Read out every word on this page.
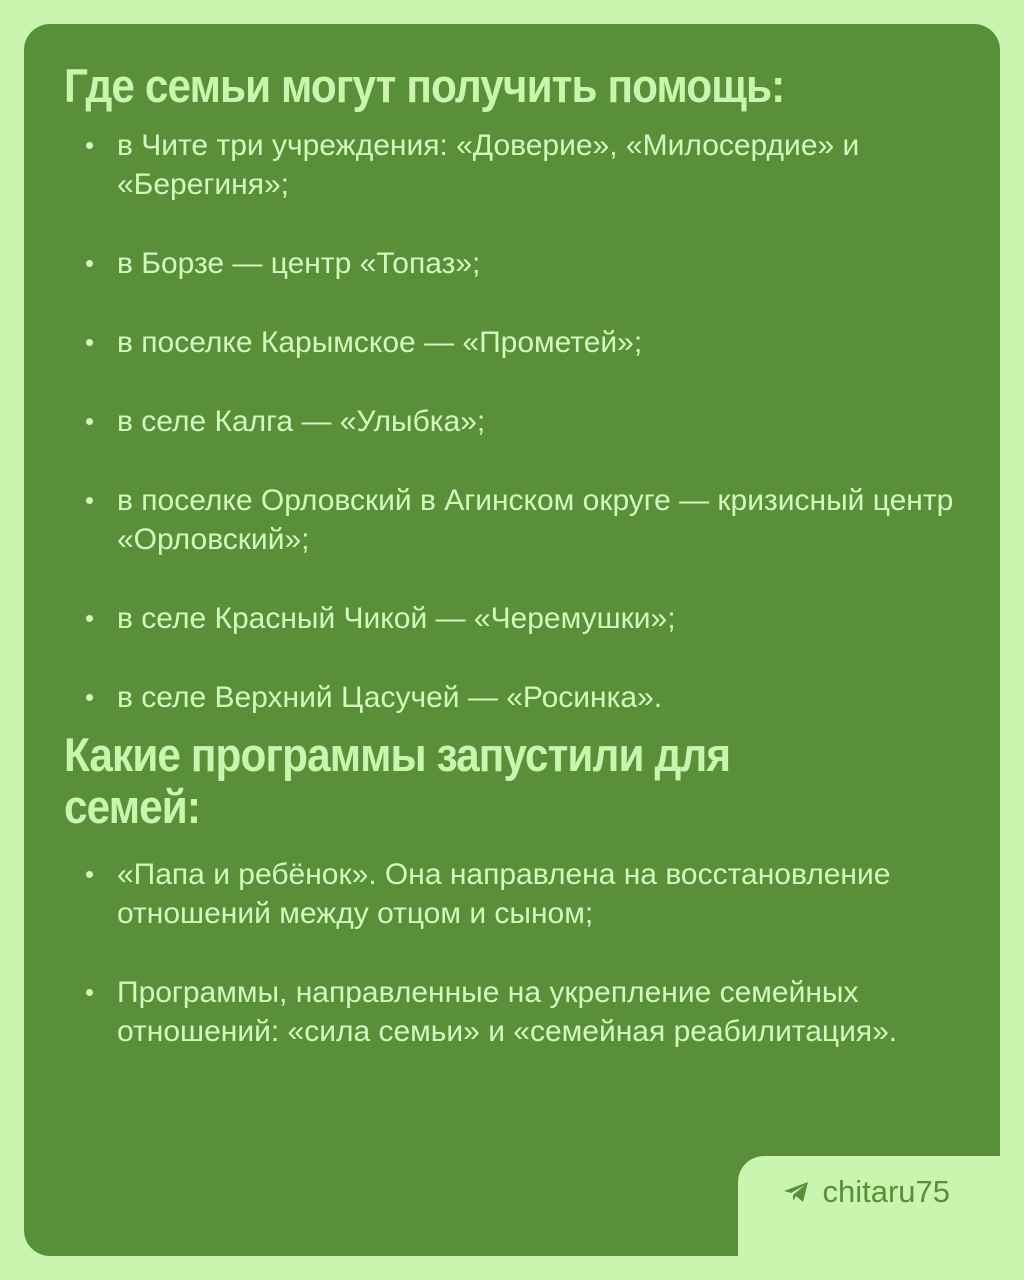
Где семьи могут получить помощь:
в Чите три учреждения: «Доверие», «Милосердие» и «Берегиня»;
в Борзе — центр «Топаз»;
в поселке Карымское — «Прометей»;
в селе Калга — «Улыбка»;
в поселке Орловский в Агинском округе — кризисный центр «Орловский»;
в селе Красный Чикой — «Черемушки»;
в селе Верхний Цасучей — «Росинка».
Какие программы запустили для семей:
«Папа и ребёнок». Она направлена на восстановление отношений между отцом и сыном;
Программы, направленные на укрепление семейных отношений: «сила семьи» и «семейная реабилитация».
chitaru75
